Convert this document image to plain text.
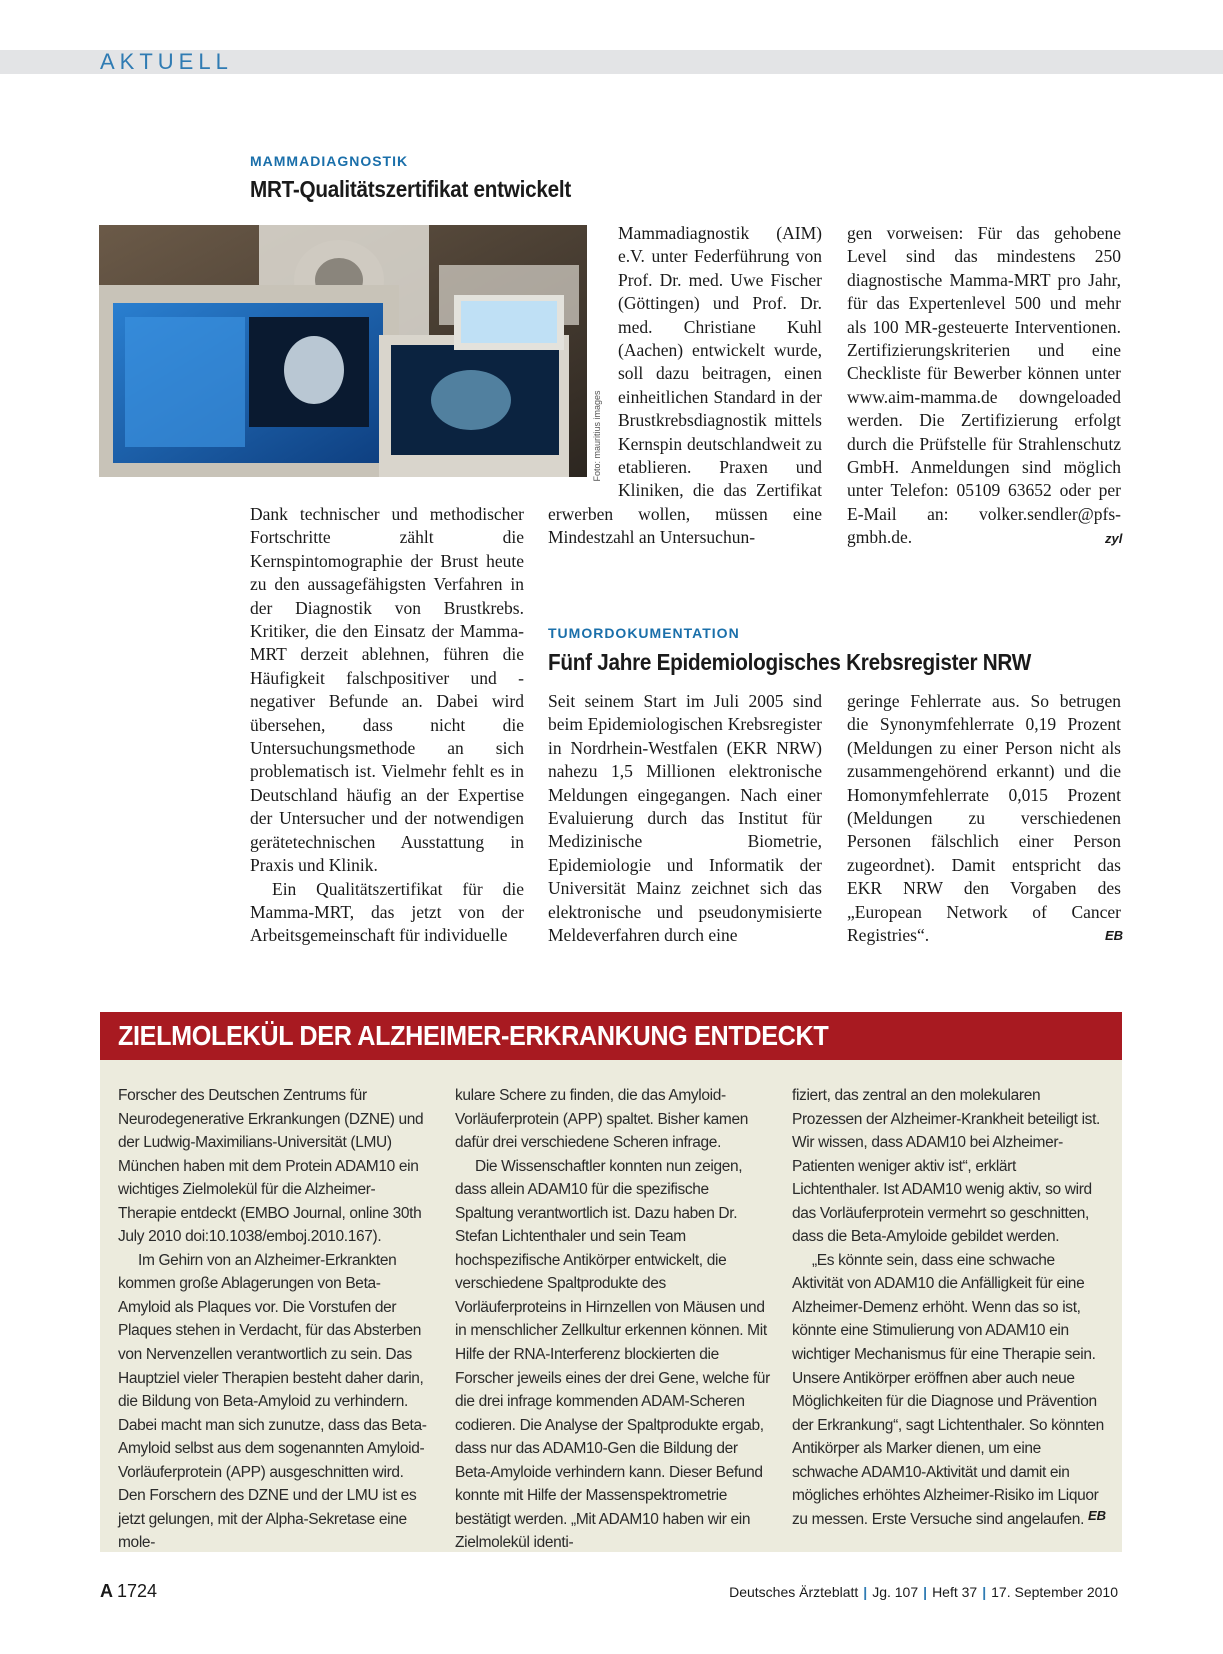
AKTUELL
MAMMADIAGNOSTIK
MRT-Qualitätszertifikat entwickelt
Foto: mauritius images

Dank technischer und methodischer Fortschritte zählt die Kernspintomographie der Brust heute zu den aussagefähigsten Verfahren in der Diagnostik von Brustkrebs. Kritiker, die den Einsatz der Mamma-MRT derzeit ablehnen, führen die Häufigkeit falschpositiver und -negativer Befunde an. Dabei wird übersehen, dass nicht die Untersuchungsmethode an sich problematisch ist. Vielmehr fehlt es in Deutschland häufig an der Expertise der Untersucher und der notwendigen gerätetechnischen Ausstattung in Praxis und Klinik.

Ein Qualitätszertifikat für die Mamma-MRT, das jetzt von der Arbeitsgemeinschaft für individuelle

Mammadiagnostik (AIM) e.V. unter Federführung von Prof. Dr. med. Uwe Fischer (Göttingen) und Prof. Dr. med. Christiane Kuhl (Aachen) entwickelt wurde, soll dazu beitragen, einen einheitlichen Standard in der Brustkrebsdiagnostik mittels Kernspin deutschlandweit zu etablieren. Praxen und Kliniken, die das Zertifikat erwerben wollen, müssen eine Mindestzahl an Untersuchun-

gen vorweisen: Für das gehobene Level sind das mindestens 250 diagnostische Mamma-MRT pro Jahr, für das Expertenlevel 500 und mehr als 100 MR-gesteuerte Interventionen. Zertifizierungskriterien und eine Checkliste für Bewerber können unter www.aim-mamma.de downgeloaded werden. Die Zertifizierung erfolgt durch die Prüfstelle für Strahlenschutz GmbH. Anmeldungen sind möglich unter Telefon: 05109 63652 oder per E-Mail an: volker.sendler@pfs-gmbh.de.	zyl
TUMORDOKUMENTATION
Fünf Jahre Epidemiologisches Krebsregister NRW

Seit seinem Start im Juli 2005 sind beim Epidemiologischen Krebsregister in Nordrhein-Westfalen (EKR NRW) nahezu 1,5 Millionen elektronische Meldungen eingegangen. Nach einer Evaluierung durch das Institut für Medizinische Biometrie, Epidemiologie und Informatik der Universität Mainz zeichnet sich das elektronische und pseudonymisierte Meldeverfahren durch eine

geringe Fehlerrate aus. So betrugen die Synonymfehlerrate 0,19 Prozent (Meldungen zu einer Person nicht als zusammengehörend erkannt) und die Homonymfehlerrate 0,015 Prozent (Meldungen zu verschiedenen Personen fälschlich einer Person zugeordnet). Damit entspricht das EKR NRW den Vorgaben des „European Network of Cancer Registries“.	EB
ZIELMOLEKÜL DER ALZHEIMER-ERKRANKUNG ENTDECKT

Forscher des Deutschen Zentrums für Neurodegenerative Erkrankungen (DZNE) und der Ludwig-Maximilians-Universität (LMU) München haben mit dem Protein ADAM10 ein wichtiges Zielmolekül für die Alzheimer-Therapie entdeckt (EMBO Journal, online 30th July 2010 doi:10.1038/emboj.2010.167).

Im Gehirn von an Alzheimer-Erkrankten kommen große Ablagerungen von Beta-Amyloid als Plaques vor. Die Vorstufen der Plaques stehen in Verdacht, für das Absterben von Nervenzellen verantwortlich zu sein. Das Hauptziel vieler Therapien besteht daher darin, die Bildung von Beta-Amyloid zu verhindern. Dabei macht man sich zunutze, dass das Beta-Amyloid selbst aus dem sogenannten Amyloid-Vorläuferprotein (APP) ausgeschnitten wird. Den Forschern des DZNE und der LMU ist es jetzt gelungen, mit der Alpha-Sekretase eine mole-

kulare Schere zu finden, die das Amyloid-Vorläuferprotein (APP) spaltet. Bisher kamen dafür drei verschiedene Scheren infrage.

Die Wissenschaftler konnten nun zeigen, dass allein ADAM10 für die spezifische Spaltung verantwortlich ist. Dazu haben Dr. Stefan Lichtenthaler und sein Team hochspezifische Antikörper entwickelt, die verschiedene Spaltprodukte des Vorläuferproteins in Hirnzellen von Mäusen und in menschlicher Zellkultur erkennen können. Mit Hilfe der RNA-Interferenz blockierten die Forscher jeweils eines der drei Gene, welche für die drei infrage kommenden ADAM-Scheren codieren. Die Analyse der Spaltprodukte ergab, dass nur das ADAM10-Gen die Bildung der Beta-Amyloide verhindern kann. Dieser Befund konnte mit Hilfe der Massenspektrometrie bestätigt werden. „Mit ADAM10 haben wir ein Zielmolekül identi-

fiziert, das zentral an den molekularen Prozessen der Alzheimer-Krankheit beteiligt ist. Wir wissen, dass ADAM10 bei Alzheimer-Patienten weniger aktiv ist“, erklärt Lichtenthaler. Ist ADAM10 wenig aktiv, so wird das Vorläuferprotein vermehrt so geschnitten, dass die Beta-Amyloide gebildet werden.

„Es könnte sein, dass eine schwache Aktivität von ADAM10 die Anfälligkeit für eine Alzheimer-Demenz erhöht. Wenn das so ist, könnte eine Stimulierung von ADAM10 ein wichtiger Mechanismus für eine Therapie sein. Unsere Antikörper eröffnen aber auch neue Möglichkeiten für die Diagnose und Prävention der Erkrankung“, sagt Lichtenthaler. So könnten Antikörper als Marker dienen, um eine schwache ADAM10-Aktivität und damit ein mögliches erhöhtes Alzheimer-Risiko im Liquor zu messen. Erste Versuche sind angelaufen. EB
A 1724	Deutsches Ärzteblatt | Jg. 107 | Heft 37 | 17. September 2010
